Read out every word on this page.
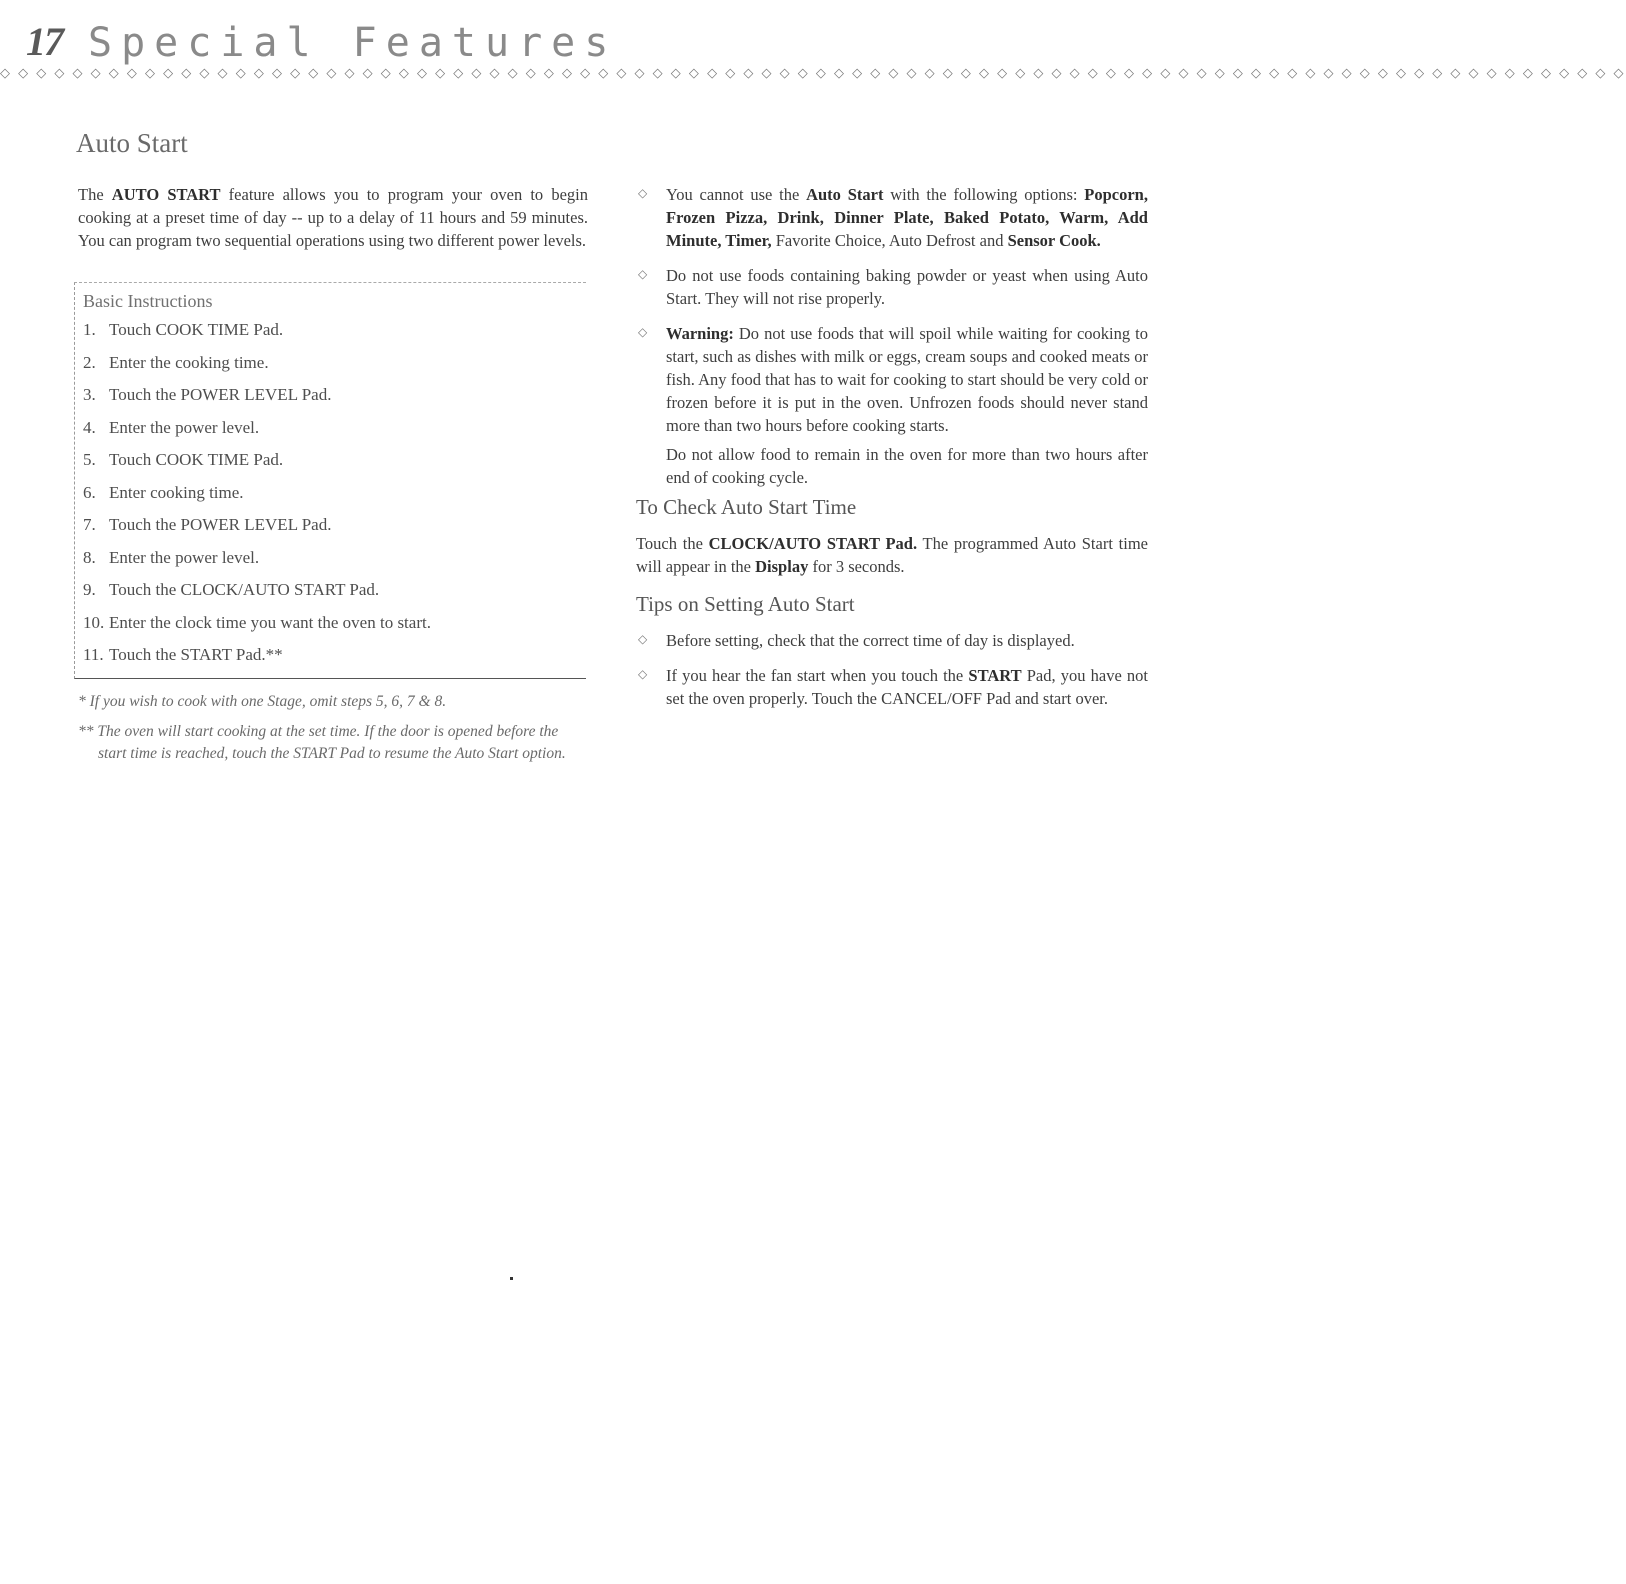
17 Special Features
◇ ◇ ◇ ◇ ◇ ◇ ◇ ◇ ◇ ◇ ◇ ◇ ◇ ◇ ◇ ◇ ◇ ◇ ◇ ◇ ◇ ◇ ◇ ◇ ◇ ◇ ◇ ◇ ◇ ◇ ◇ ◇ ◇ ◇ ◇ ◇ ◇ ◇ ◇ ◇ ◇ ◇ ◇ ◇ ◇ ◇ ◇ ◇ ◇ ◇ ◇ ◇ ◇ ◇ ◇ ◇ ◇ ◇ ◇ ◇ ◇ ◇ ◇ ◇ ◇ ◇ ◇ ◇ ◇ ◇ ◇ ◇ ◇ ◇ ◇ ◇ ◇ ◇ ◇ ◇ ◇ ◇ ◇ ◇ ◇ ◇ ◇ ◇ ◇ ◇
Auto Start

The AUTO START feature allows you to program your oven to begin cooking at a preset time of day -- up to a delay of 11 hours and 59 minutes. You can program two sequential operations using two different power levels.

Basic Instructions

1. Touch COOK TIME Pad.
2. Enter the cooking time.
3. Touch the POWER LEVEL Pad.
4. Enter the power level.
5. Touch COOK TIME Pad.
6. Enter cooking time.
7. Touch the POWER LEVEL Pad.
8. Enter the power level.
9. Touch the CLOCK/AUTO START Pad.
10. Enter the clock time you want the oven to start.
11. Touch the START Pad.**

* If you wish to cook with one Stage, omit steps 5, 6, 7 & 8.

** The oven will start cooking at the set time. If the door is opened before the start time is reached, touch the START Pad to resume the Auto Start option.

◇ You cannot use the Auto Start with the following options: Popcorn, Frozen Pizza, Drink, Dinner Plate, Baked Potato, Warm, Add Minute, Timer, Favorite Choice, Auto Defrost and Sensor Cook.

◇ Do not use foods containing baking powder or yeast when using Auto Start. They will not rise properly.

◇ Warning: Do not use foods that will spoil while waiting for cooking to start, such as dishes with milk or eggs, cream soups and cooked meats or fish. Any food that has to wait for cooking to start should be very cold or frozen before it is put in the oven. Unfrozen foods should never stand more than two hours before cooking starts.

Do not allow food to remain in the oven for more than two hours after end of cooking cycle.

To Check Auto Start Time

Touch the CLOCK/AUTO START Pad. The programmed Auto Start time will appear in the Display for 3 seconds.

Tips on Setting Auto Start
◇ Before setting, check that the correct time of day is displayed.

◇ If you hear the fan start when you touch the START Pad, you have not set the oven properly. Touch the CANCEL/OFF Pad and start over.
